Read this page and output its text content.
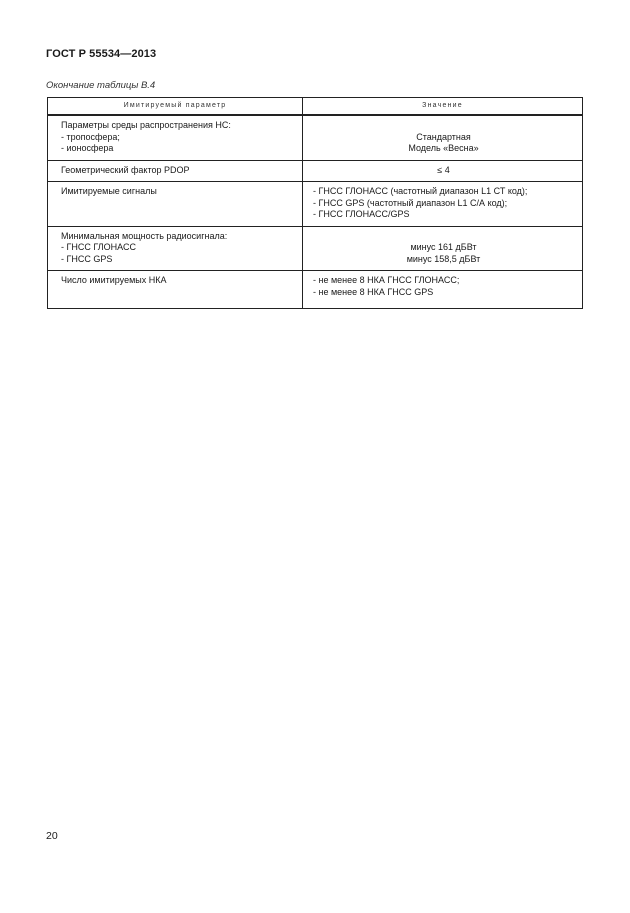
ГОСТ Р 55534—2013
Окончание таблицы В.4
Имитируемый параметр	Значение

Параметры среды распространения НС:
- тропосфера;
- ионосфера	Стандартная
Модель «Весна»

Геометрический фактор PDOP	≤ 4

Имитируемые сигналы	- ГНСС ГЛОНАСС (частотный диапазон L1 СТ код);
- ГНСС GPS (частотный диапазон L1 С/А код);
- ГНСС ГЛОНАСС/GPS

Минимальная мощность радиосигнала:
- ГНСС ГЛОНАСС
- ГНСС GPS	минус 161 дБВт
минус 158,5 дБВт

Число имитируемых НКА	- не менее 8 НКА ГНСС ГЛОНАСС;
- не менее 8 НКА ГНСС GPS
20
